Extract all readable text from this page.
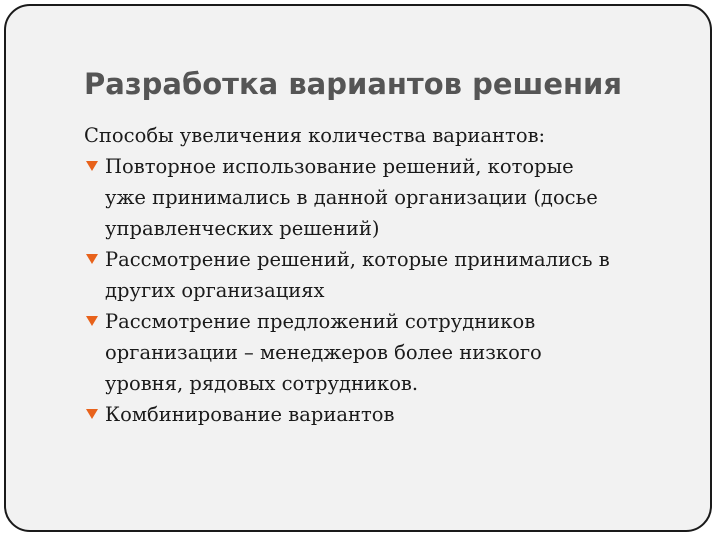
Разработка вариантов решения

Способы увеличения количества вариантов:

Повторное использование решений, которые
уже принимались в данной организации (досье
управленческих решений)
Рассмотрение решений, которые принимались в
других организациях
Рассмотрение предложений сотрудников
организации – менеджеров более низкого
уровня, рядовых сотрудников.
Комбинирование вариантов
